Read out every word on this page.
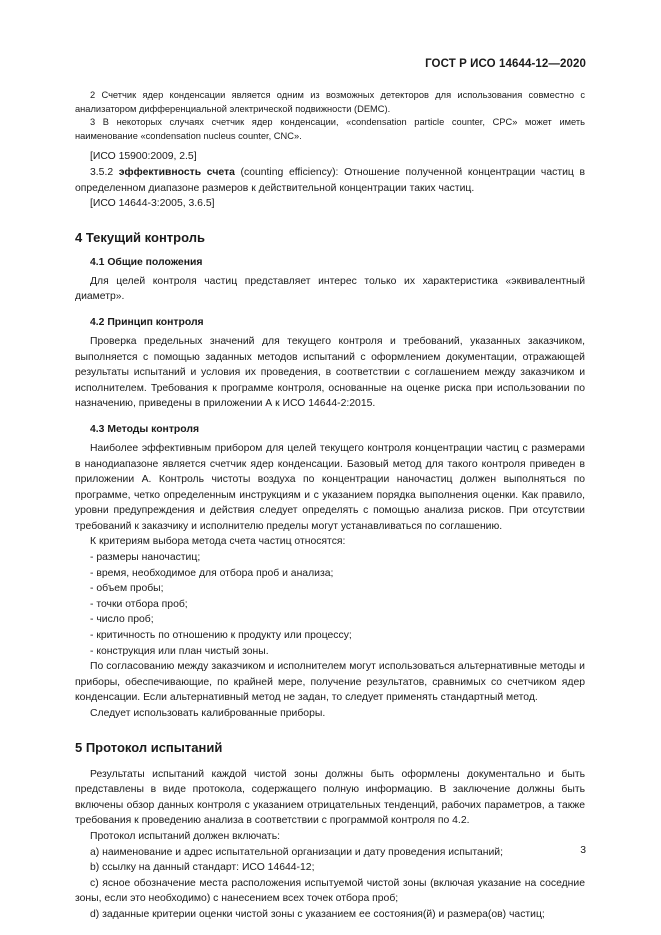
ГОСТ Р ИСО 14644-12—2020

2 Счетчик ядер конденсации является одним из возможных детекторов для использования совместно с анализатором дифференциальной электрической подвижности (DEMC).

3 В некоторых случаях счетчик ядер конденсации, «condensation particle counter, CPC» может иметь наименование «condensation nucleus counter, CNC».

[ИСО 15900:2009, 2.5]

3.5.2 эффективность счета (counting efficiency): Отношение полученной концентрации частиц в определенном диапазоне размеров к действительной концентрации таких частиц.

[ИСО 14644-3:2005, 3.6.5]

4 Текущий контроль

4.1 Общие положения

Для целей контроля частиц представляет интерес только их характеристика «эквивалентный диаметр».

4.2 Принцип контроля

Проверка предельных значений для текущего контроля и требований, указанных заказчиком, выполняется с помощью заданных методов испытаний с оформлением документации, отражающей результаты испытаний и условия их проведения, в соответствии с соглашением между заказчиком и исполнителем. Требования к программе контроля, основанные на оценке риска при использовании по назначению, приведены в приложении А к ИСО 14644-2:2015.

4.3 Методы контроля

Наиболее эффективным прибором для целей текущего контроля концентрации частиц с размерами в нанодиапазоне является счетчик ядер конденсации. Базовый метод для такого контроля приведен в приложении А. Контроль чистоты воздуха по концентрации наночастиц должен выполняться по программе, четко определенным инструкциям и с указанием порядка выполнения оценки. Как правило, уровни предупреждения и действия следует определять с помощью анализа рисков. При отсутствии требований к заказчику и исполнителю пределы могут устанавливаться по соглашению.

К критериям выбора метода счета частиц относятся:

- размеры наночастиц;

- время, необходимое для отбора проб и анализа;

- объем пробы;

- точки отбора проб;

- число проб;

- критичность по отношению к продукту или процессу;

- конструкция или план чистый зоны.

По согласованию между заказчиком и исполнителем могут использоваться альтернативные методы и приборы, обеспечивающие, по крайней мере, получение результатов, сравнимых со счетчиком ядер конденсации. Если альтернативный метод не задан, то следует применять стандартный метод.

Следует использовать калиброванные приборы.

5 Протокол испытаний

Результаты испытаний каждой чистой зоны должны быть оформлены документально и быть представлены в виде протокола, содержащего полную информацию. В заключение должны быть включены обзор данных контроля с указанием отрицательных тенденций, рабочих параметров, а также требования к проведению анализа в соответствии с программой контроля по 4.2.

Протокол испытаний должен включать:

а) наименование и адрес испытательной организации и дату проведения испытаний;

b) ссылку на данный стандарт: ИСО 14644-12;

c) ясное обозначение места расположения испытуемой чистой зоны (включая указание на соседние зоны, если это необходимо) с нанесением всех точек отбора проб;

d) заданные критерии оценки чистой зоны с указанием ее состояния(й) и размера(ов) частиц;

3
